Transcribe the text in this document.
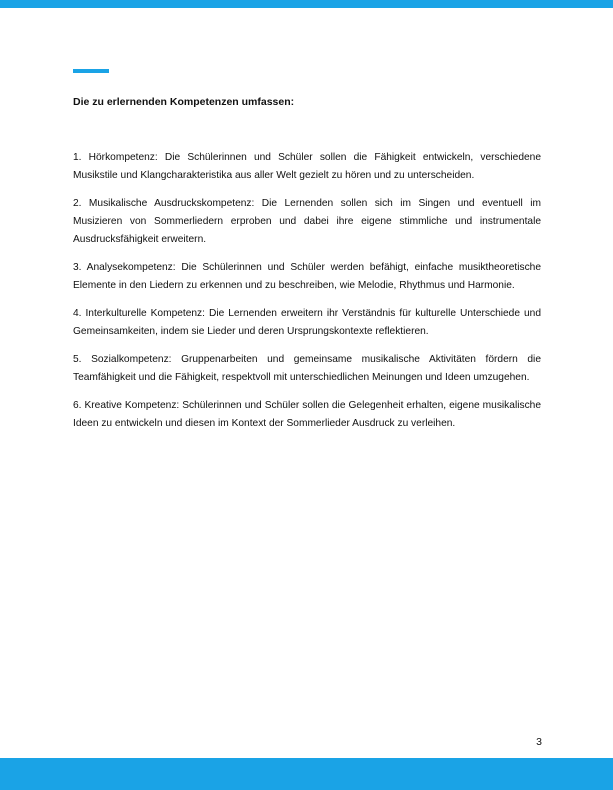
Die zu erlernenden Kompetenzen umfassen:

1. Hörkompetenz: Die Schülerinnen und Schüler sollen die Fähigkeit entwickeln, verschiedene Musikstile und Klangcharakteristika aus aller Welt gezielt zu hören und zu unterscheiden.

2. Musikalische Ausdruckskompetenz: Die Lernenden sollen sich im Singen und eventuell im Musizieren von Sommerliedern erproben und dabei ihre eigene stimmliche und instrumentale Ausdrucksfähigkeit erweitern.

3. Analysekompetenz: Die Schülerinnen und Schüler werden befähigt, einfache musiktheoretische Elemente in den Liedern zu erkennen und zu beschreiben, wie Melodie, Rhythmus und Harmonie.

4. Interkulturelle Kompetenz: Die Lernenden erweitern ihr Verständnis für kulturelle Unterschiede und Gemeinsamkeiten, indem sie Lieder und deren Ursprungskontexte reflektieren.

5. Sozialkompetenz: Gruppenarbeiten und gemeinsame musikalische Aktivitäten fördern die Teamfähigkeit und die Fähigkeit, respektvoll mit unterschiedlichen Meinungen und Ideen umzugehen.

6. Kreative Kompetenz: Schülerinnen und Schüler sollen die Gelegenheit erhalten, eigene musikalische Ideen zu entwickeln und diesen im Kontext der Sommerlieder Ausdruck zu verleihen.

3
